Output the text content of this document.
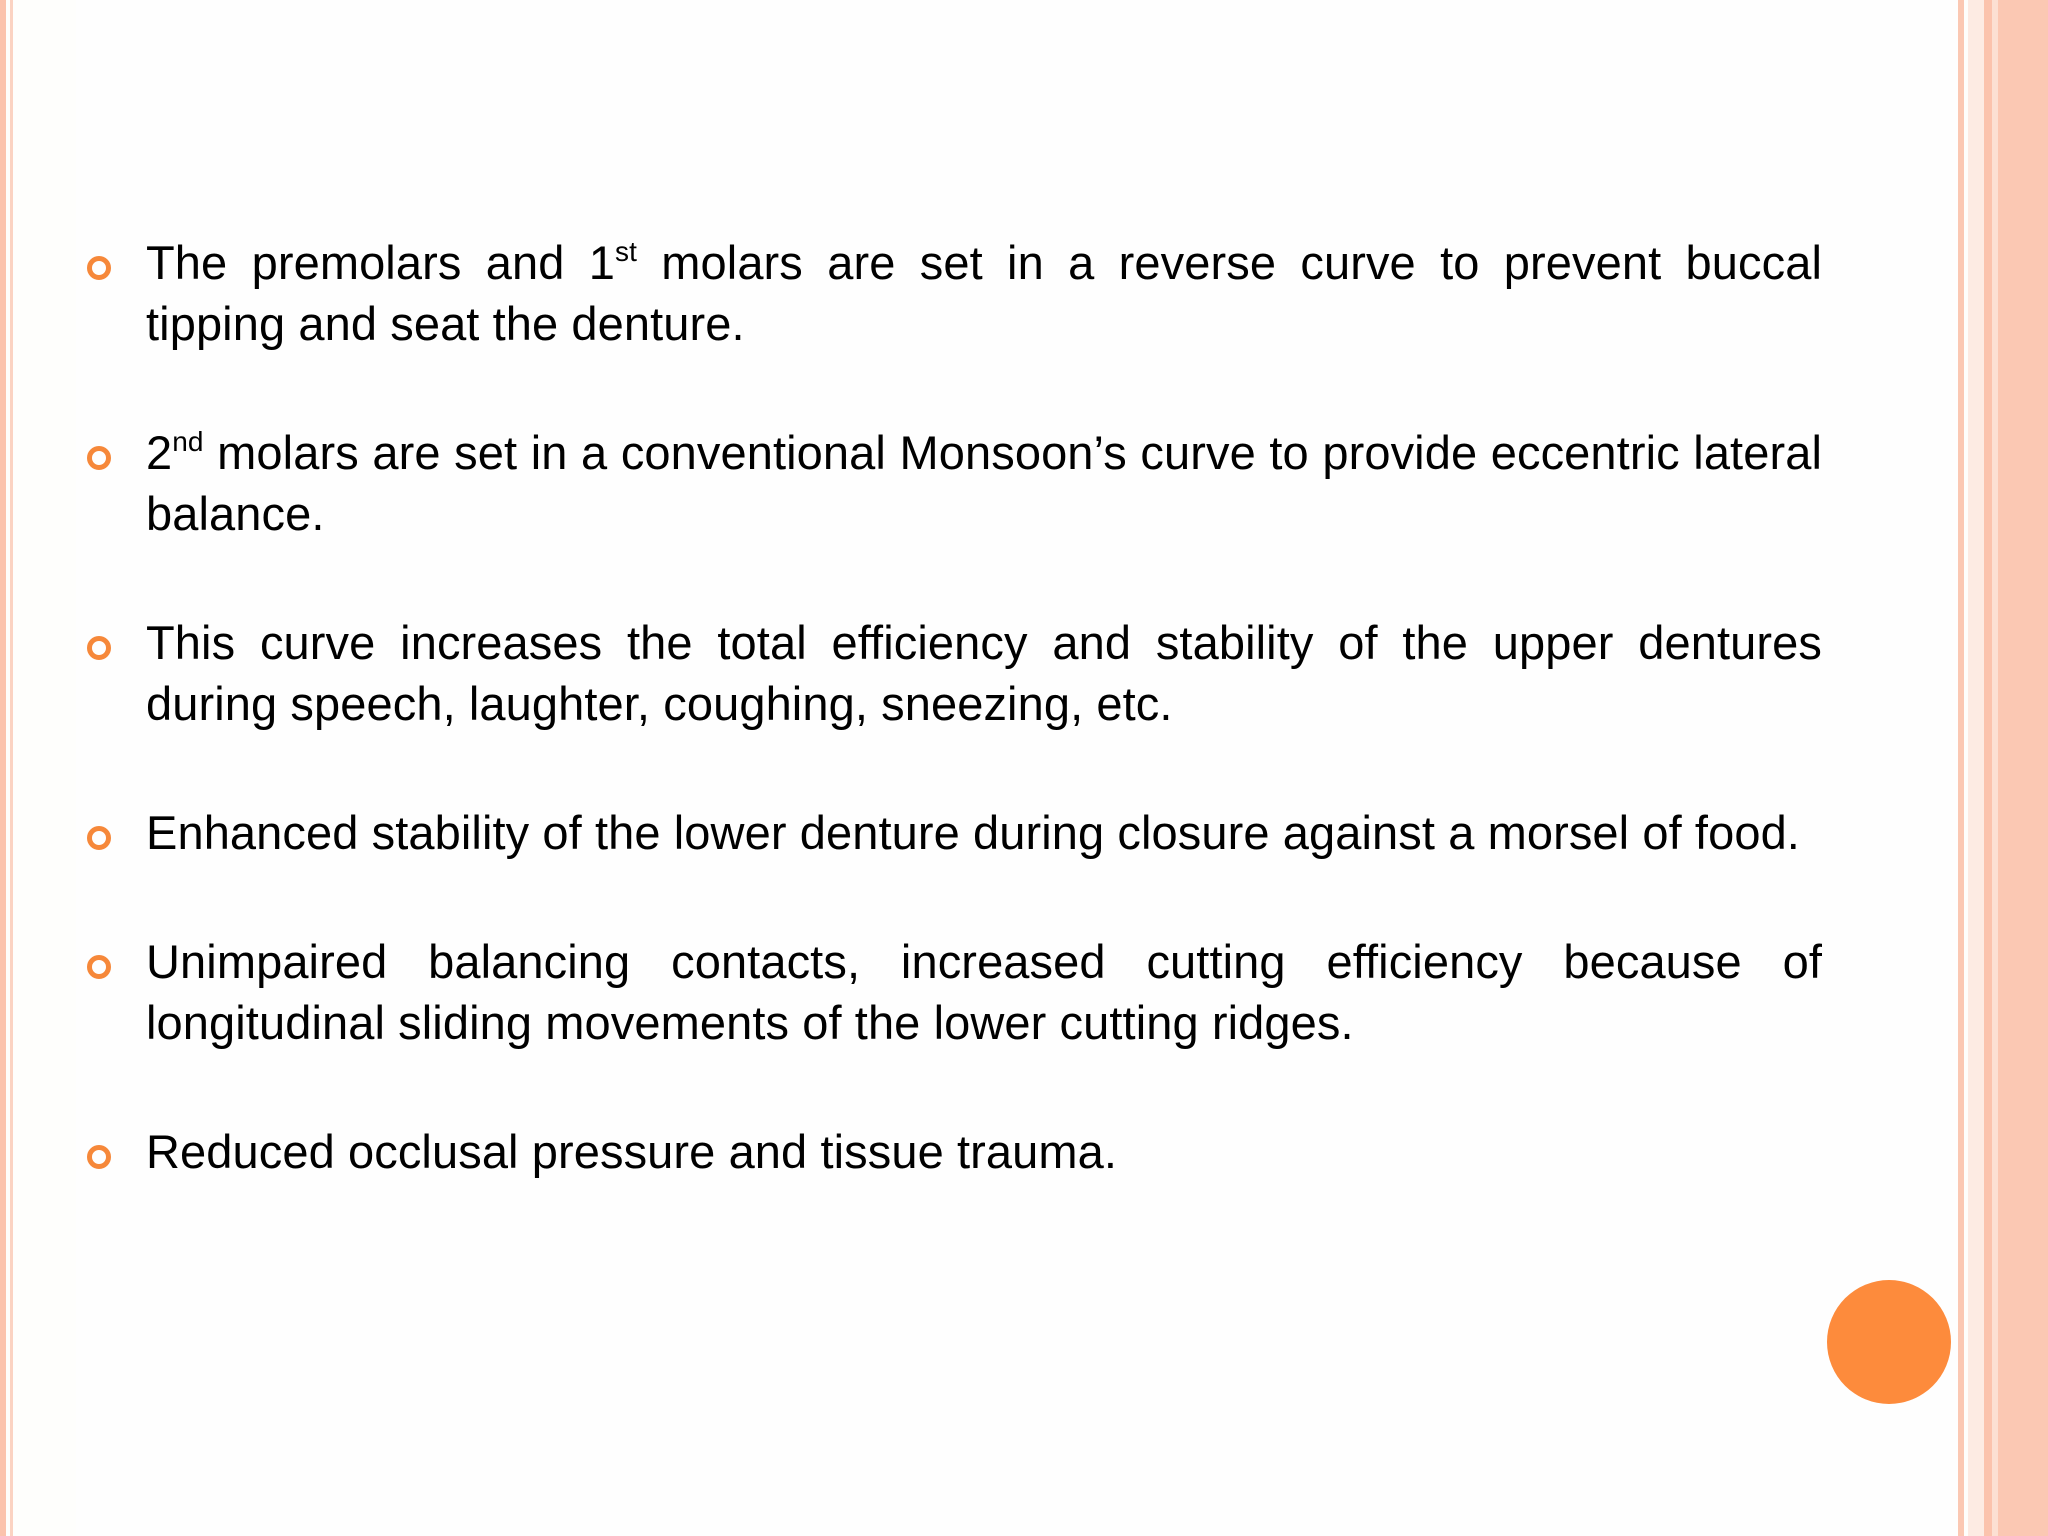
The premolars and 1st molars are set in a reverse curve to prevent buccal tipping and seat the denture.
2nd molars are set in a conventional Monsoon’s curve to provide eccentric lateral balance.
This curve increases the total efficiency and stability of the upper dentures during speech, laughter, coughing, sneezing, etc.
Enhanced stability of the lower denture during closure against a morsel of food.
Unimpaired balancing contacts, increased cutting efficiency because of longitudinal sliding movements of the lower cutting ridges.
Reduced occlusal pressure and tissue trauma.
